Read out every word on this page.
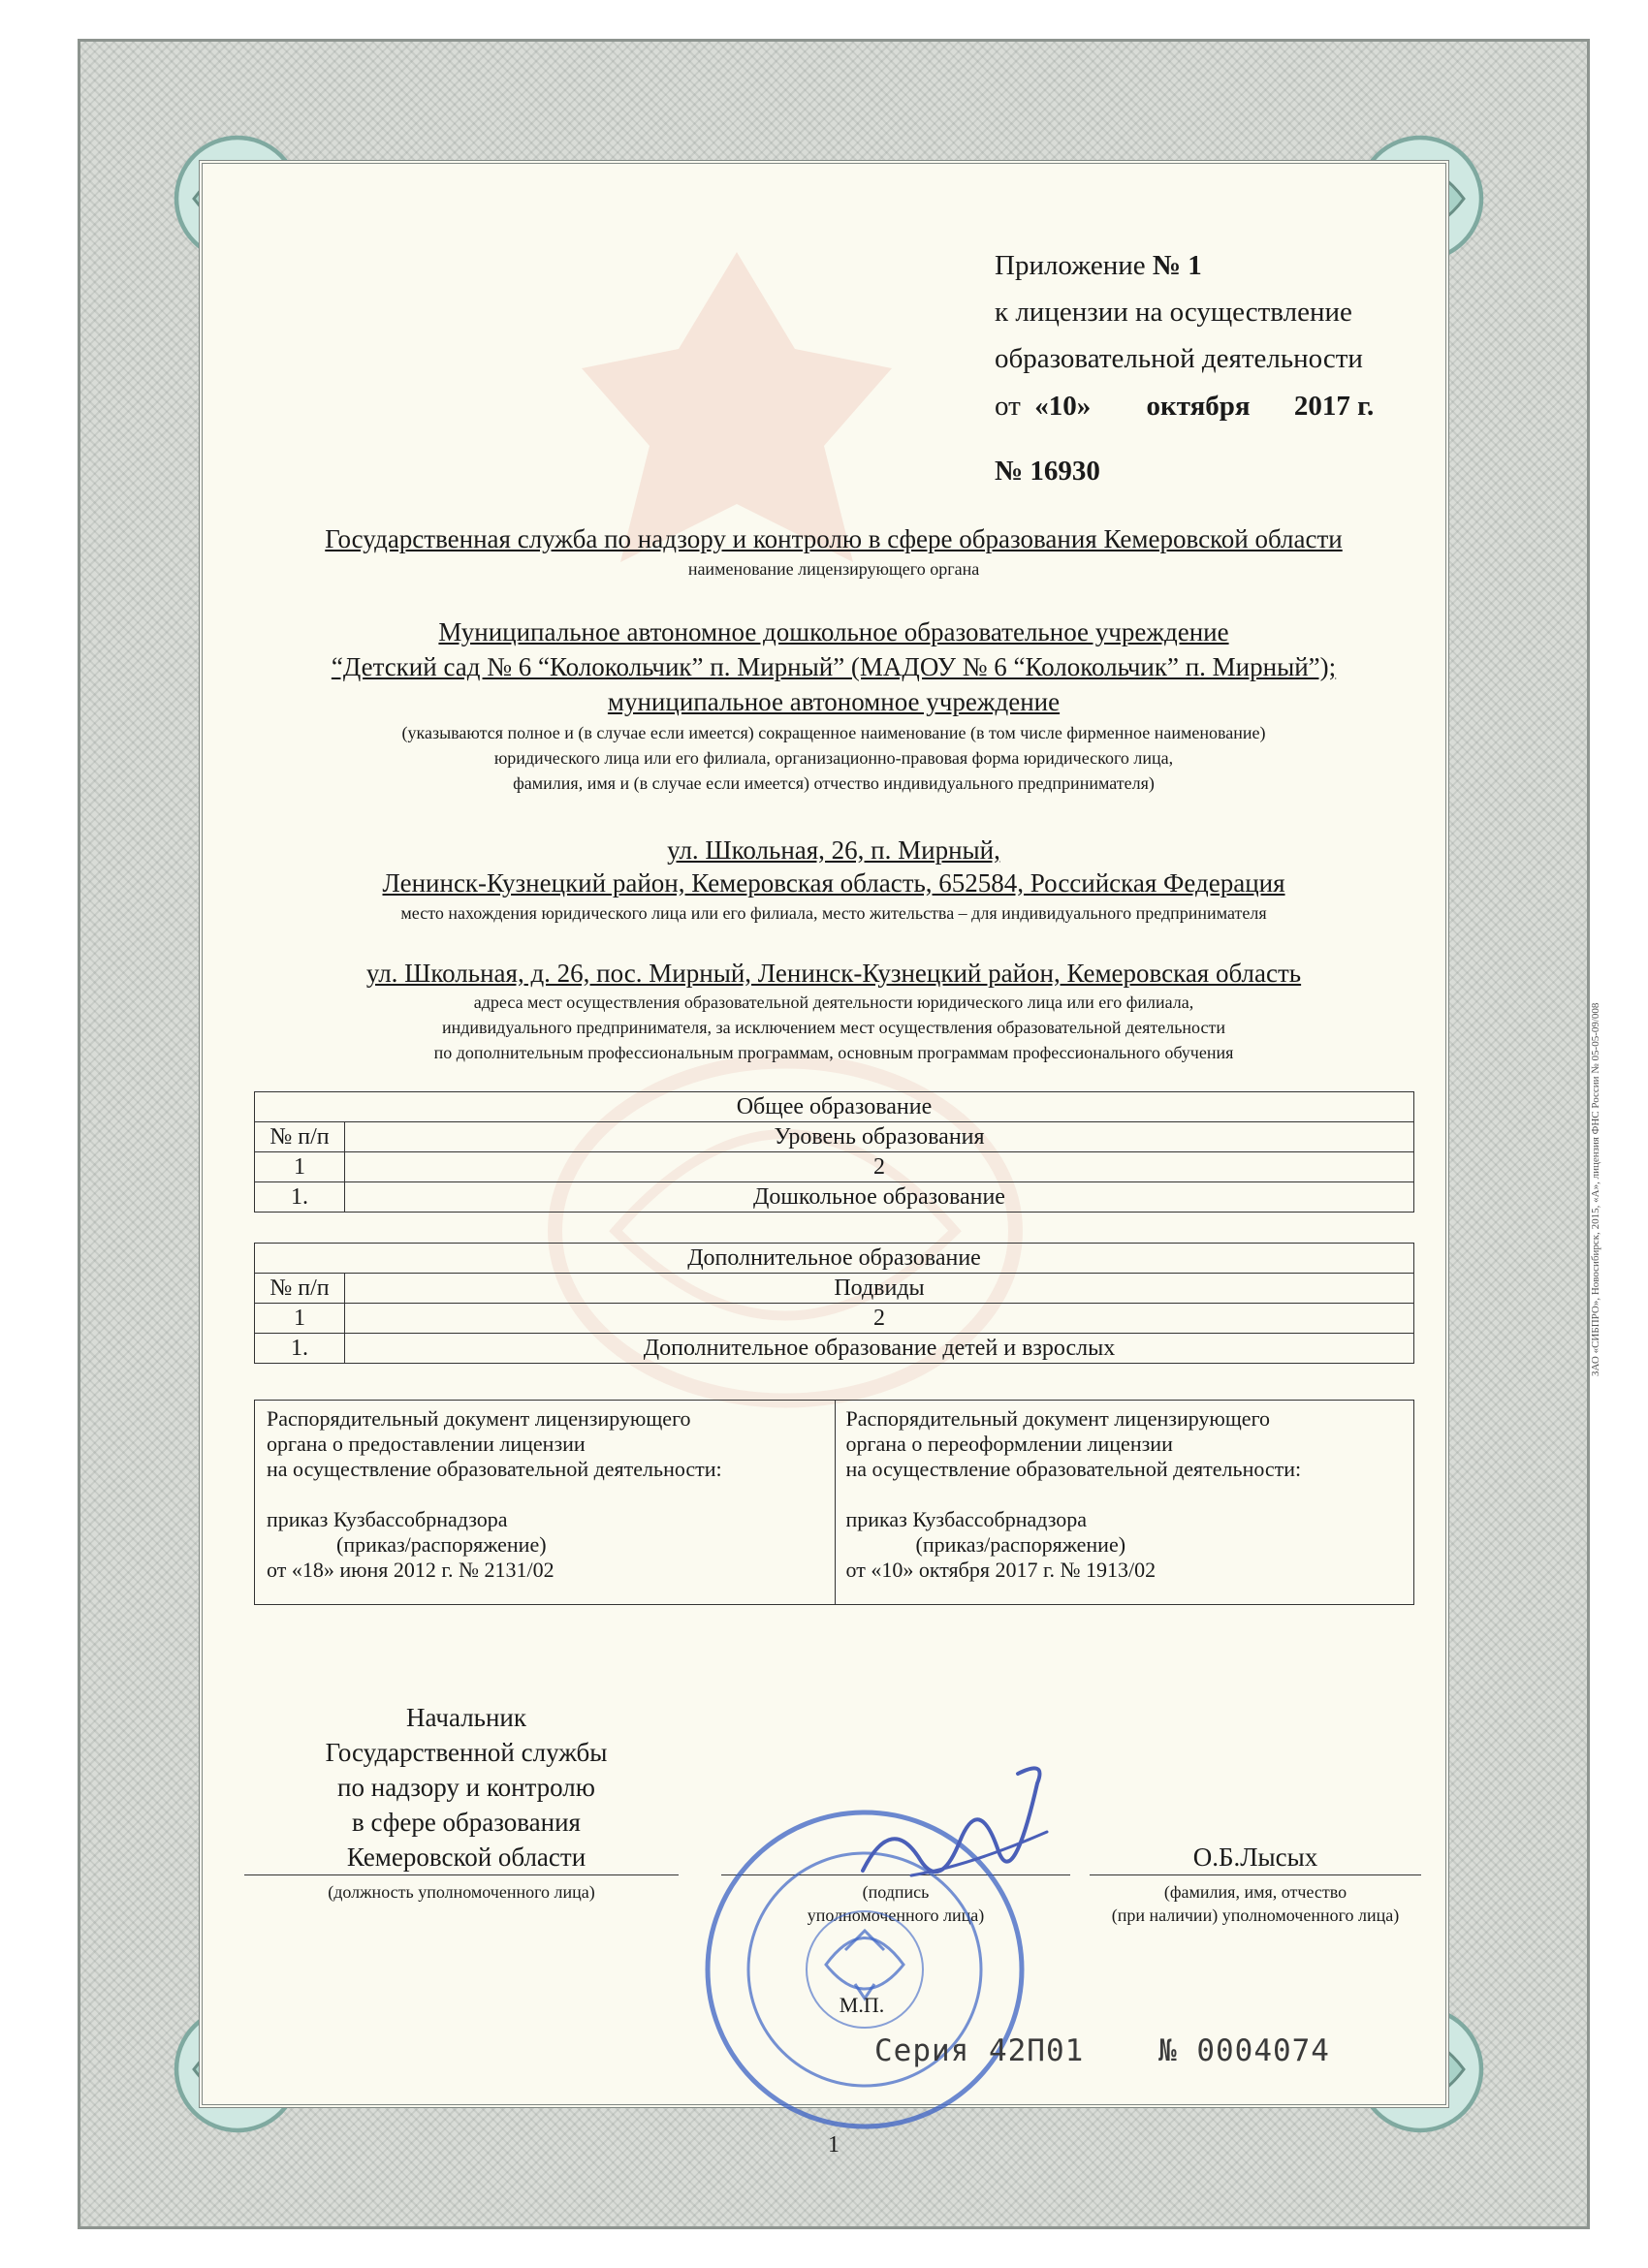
Приложение № 1
к лицензии на осуществление
образовательной деятельности
от «10» октября 2017 г.
№ 16930
Государственная служба по надзору и контролю в сфере образования Кемеровской области
наименование лицензирующего органа
Муниципальное автономное дошкольное образовательное учреждение
“Детский сад № 6 “Колокольчик” п. Мирный” (МАДОУ № 6 “Колокольчик” п. Мирный”);
муниципальное автономное учреждение
(указываются полное и (в случае если имеется) сокращенное наименование (в том числе фирменное наименование)
юридического лица или его филиала, организационно-правовая форма юридического лица,
фамилия, имя и (в случае если имеется) отчество индивидуального предпринимателя)
ул. Школьная, 26, п. Мирный,
Ленинск-Кузнецкий район, Кемеровская область, 652584, Российская Федерация
место нахождения юридического лица или его филиала, место жительства – для индивидуального предпринимателя
ул. Школьная, д. 26, пос. Мирный, Ленинск-Кузнецкий район, Кемеровская область
адреса мест осуществления образовательной деятельности юридического лица или его филиала,
индивидуального предпринимателя, за исключением мест осуществления образовательной деятельности
по дополнительным профессиональным программам, основным программам профессионального обучения
Общее образование	
№ п/п	Уровень образования
1	2
1.	Дошкольное образование
Дополнительное образование	
№ п/п	Подвиды
1	2
1.	Дополнительное образование детей и взрослых
Распорядительный документ лицензирующего
органа о предоставлении лицензии
на осуществление образовательной деятельности:
приказ Кузбассобрнадзора
(приказ/распоряжение)
от «18» июня 2012 г. № 2131/02
Распорядительный документ лицензирующего
органа о переоформлении лицензии
на осуществление образовательной деятельности:
приказ Кузбассобрнадзора
(приказ/распоряжение)
от «10» октября 2017 г. № 1913/02
Начальник
Государственной службы
по надзору и контролю
в сфере образования
Кемеровской области
(должность уполномоченного лица)	(подпись
уполномоченного лица)
О.Б.Лысых
(фамилия, имя, отчество
(при наличии) уполномоченного лица)
М.П.
Серия 42П01 № 0004074
1
ЗАО «СИБПРО», Новосибирск, 2015, «А», лицензия ФНС России № 05-05-09/008
